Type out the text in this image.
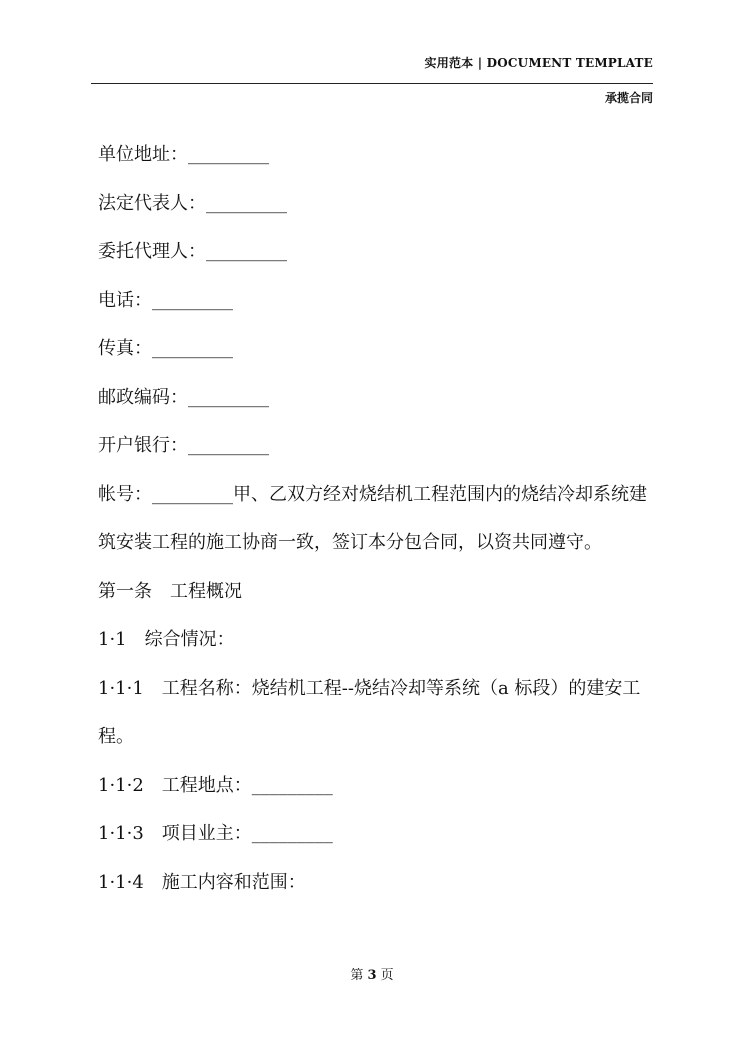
实用范本 | DOCUMENT TEMPLATE
承揽合同

单位地址：_________

法定代表人：_________

委托代理人：_________

电话：_________

传真：_________

邮政编码：_________

开户银行：_________

帐号：_________甲、乙双方经对烧结机工程范围内的烧结冷却系统建筑安装工程的施工协商一致，签订本分包合同，以资共同遵守。

第一条　工程概况

1·1　综合情况：

1·1·1　工程名称：烧结机工程--烧结冷却等系统（a 标段）的建安工程。

1·1·2　工程地点：_________

1·1·3　项目业主：_________

1·1·4　施工内容和范围：

第 3 页
